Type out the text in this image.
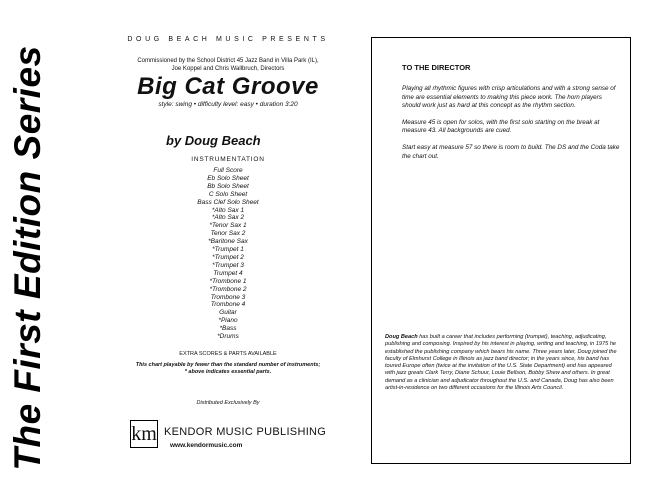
The First Edition Series
DOUG BEACH MUSIC PRESENTS
Commissioned by the School District 45 Jazz Band in Villa Park (IL),
Joe Koppel and Chris Wallbruch, Directors
Big Cat Groove
style: swing • difficulty level: easy • duration 3:20
by Doug Beach
INSTRUMENTATION
Full Score
Eb Solo Sheet
Bb Solo Sheet
C Solo Sheet
Bass Clef Solo Sheet
*Alto Sax 1
*Alto Sax 2
*Tenor Sax 1
Tenor Sax 2
*Baritone Sax
*Trumpet 1
*Trumpet 2
*Trumpet 3
Trumpet 4
*Trombone 1
*Trombone 2
Trombone 3
Trombone 4
Guitar
*Piano
*Bass
*Drums
EXTRA SCORES & PARTS AVAILABLE
This chart playable by fewer than the standard number of instruments;
* above indicates essential parts.
Distributed Exclusively By
km KENDOR MUSIC PUBLISHING
www.kendormusic.com
TO THE DIRECTOR

Playing all rhythmic figures with crisp articulations and with a strong sense of time are essential elements to making this piece work. The horn players should work just as hard at this concept as the rhythm section.

Measure 45 is open for solos, with the first solo starting on the break at measure 43. All backgrounds are cued.

Start easy at measure 57 so there is room to build. The DS and the Coda take the chart out.

Doug Beach has built a career that includes performing (trumpet), teaching, adjudicating, publishing and composing. Inspired by his interest in playing, writing and teaching, in 1975 he established the publishing company which bears his name. Three years later, Doug joined the faculty of Elmhurst College in Illinois as jazz band director; in the years since, his band has toured Europe often (twice at the invitation of the U.S. State Department) and has appeared with jazz greats Clark Terry, Diane Schuur, Louie Bellson, Bobby Shew and others. In great demand as a clinician and adjudicator throughout the U.S. and Canada, Doug has also been artist-in-residence on two different occasions for the Illinois Arts Council.
